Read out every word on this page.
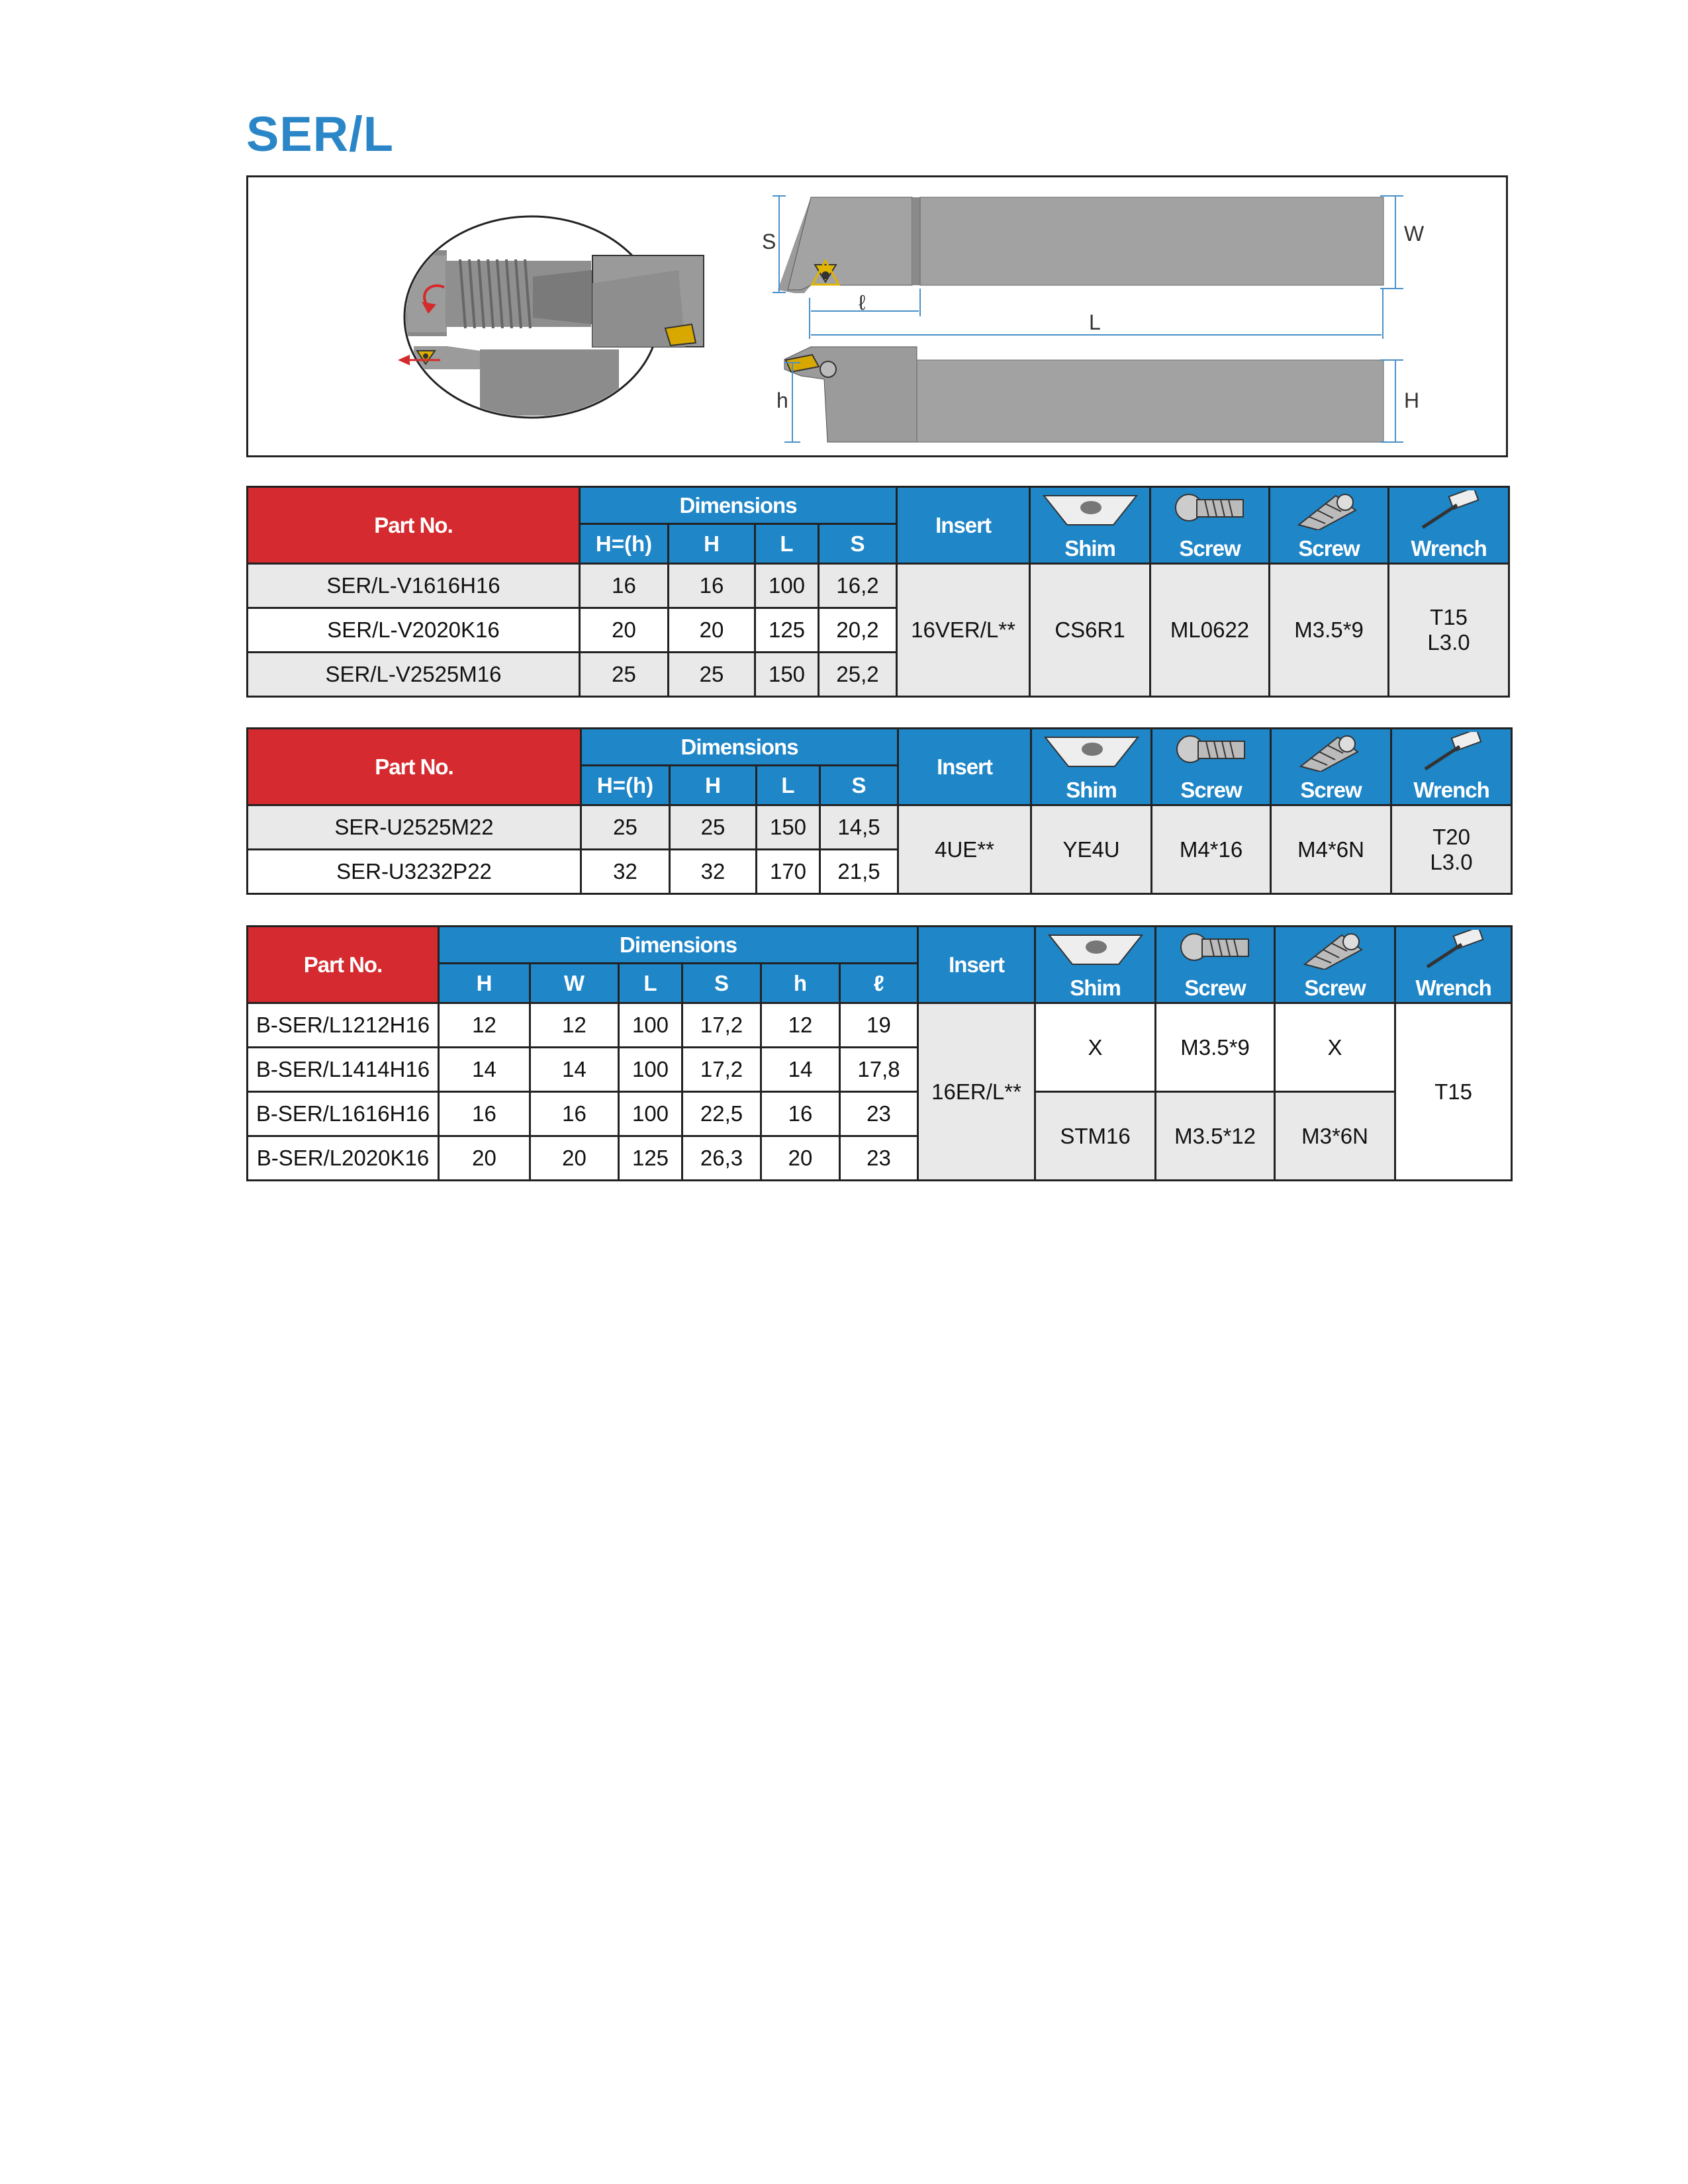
SER/L
S	W
ℓ
L
h	H
Part No.	Dimensions				Insert	Shim	Screw	Screw	Wrench

	H=(h)	H	L	S					
SER/L-V1616H16	16	16	100	16,2	16VER/L**	CS6R1	ML0622	M3.5*9	T15
L3.0

SER/L-V2020K16	20	20	125	20,2					
SER/L-V2525M16	25	25	150	25,2					
Part No.	Dimensions				Insert	Shim	Screw	Screw	Wrench

	H=(h)	H	L	S					
SER-U2525M22	25	25	150	14,5	4UE**	YE4U	M4*16	M4*6N	T20
L3.0

SER-U3232P22	32	32	170	21,5					
Part No.	Dimensions						Insert	Shim	Screw	Screw	Wrench

	H	W	L	S	h	ℓ					
B-SER/L1212H16	12	12	100	17,2	12	19	16ER/L**	X	M3.5*9	X	T15
B-SER/L1414H16	14	14	100	17,2	14	17,8					
B-SER/L1616H16	16	16	100	22,5	16	23		STM16	M3.5*12	M3*6N	
B-SER/L2020K16	20	20	125	26,3	20	23					
